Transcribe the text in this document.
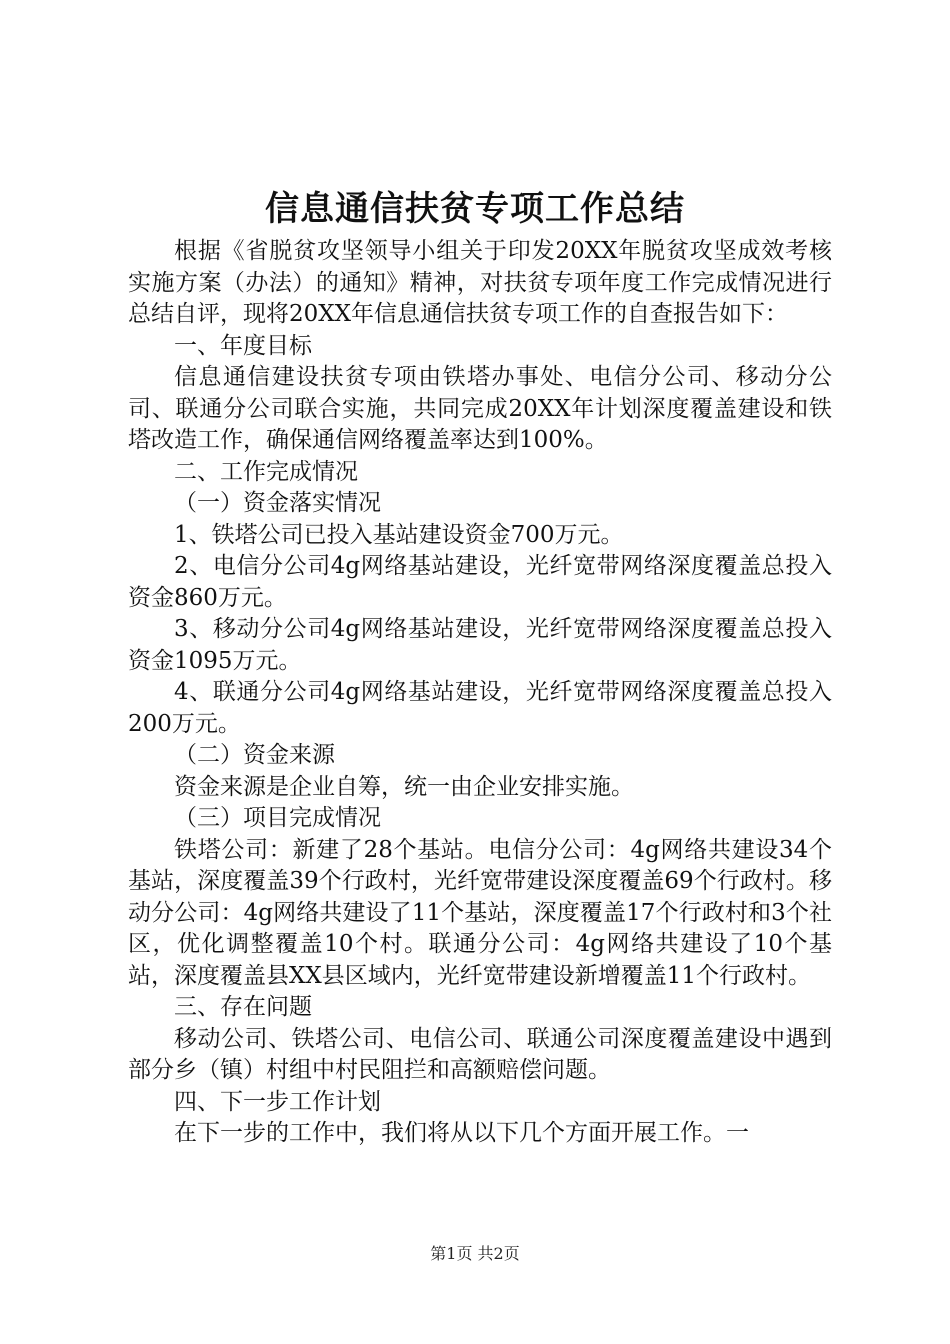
信息通信扶贫专项工作总结

根据《省脱贫攻坚领导小组关于印发20XX年脱贫攻坚成效考核实施方案（办法）的通知》精神，对扶贫专项年度工作完成情况进行总结自评，现将20XX年信息通信扶贫专项工作的自查报告如下：

一、年度目标

信息通信建设扶贫专项由铁塔办事处、电信分公司、移动分公司、联通分公司联合实施，共同完成20XX年计划深度覆盖建设和铁塔改造工作，确保通信网络覆盖率达到100%。

二、工作完成情况

（一）资金落实情况

1、铁塔公司已投入基站建设资金700万元。

2、电信分公司4g网络基站建设，光纤宽带网络深度覆盖总投入资金860万元。

3、移动分公司4g网络基站建设，光纤宽带网络深度覆盖总投入资金1095万元。

4、联通分公司4g网络基站建设，光纤宽带网络深度覆盖总投入200万元。

（二）资金来源

资金来源是企业自筹，统一由企业安排实施。

（三）项目完成情况

铁塔公司：新建了28个基站。电信分公司：4g网络共建设34个基站，深度覆盖39个行政村，光纤宽带建设深度覆盖69个行政村。移动分公司：4g网络共建设了11个基站，深度覆盖17个行政村和3个社区，优化调整覆盖10个村。联通分公司：4g网络共建设了10个基站，深度覆盖县XX县区域内，光纤宽带建设新增覆盖11个行政村。

三、存在问题

移动公司、铁塔公司、电信公司、联通公司深度覆盖建设中遇到部分乡（镇）村组中村民阻拦和高额赔偿问题。

四、下一步工作计划

在下一步的工作中，我们将从以下几个方面开展工作。一

第1页 共2页
